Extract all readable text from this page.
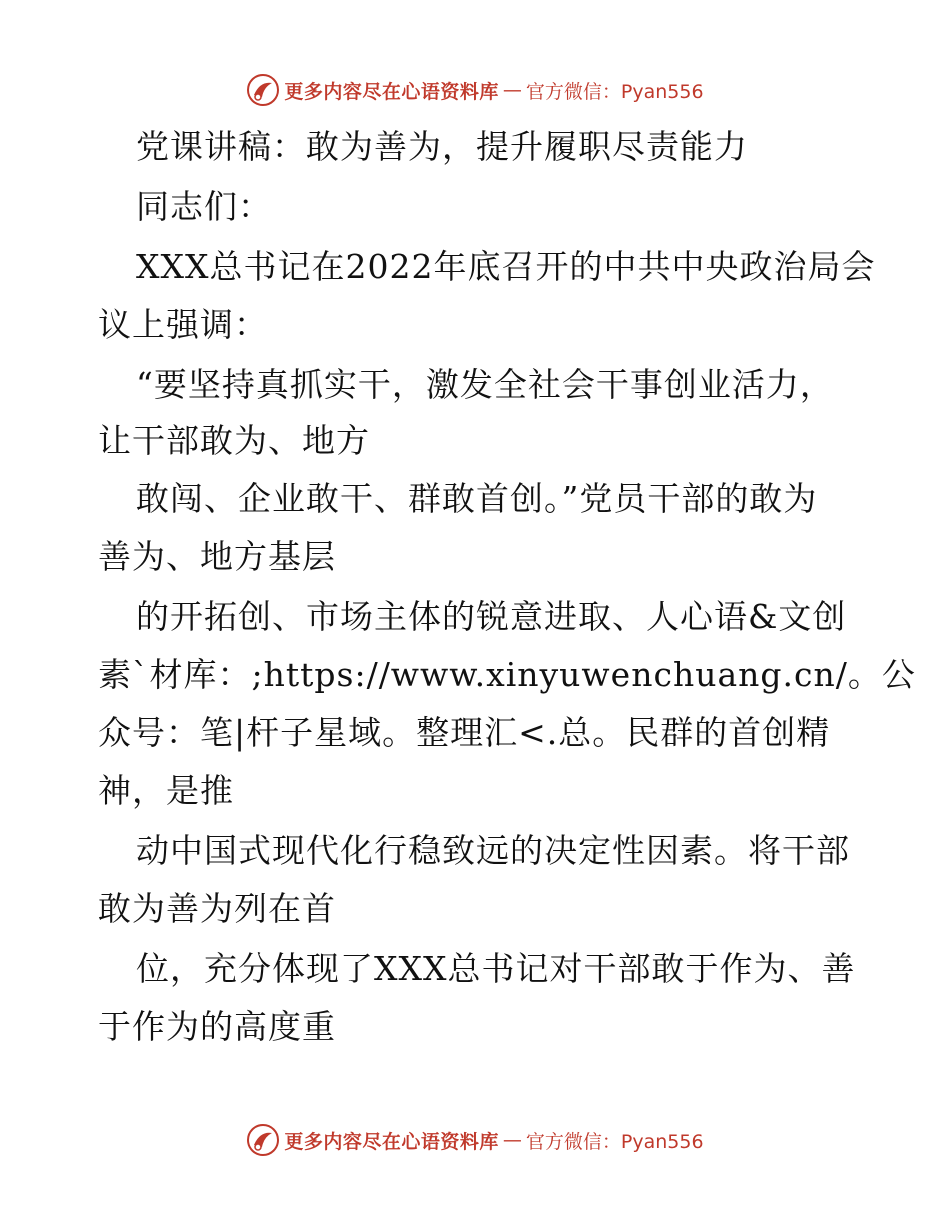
更多内容尽在心语资料库 — 官方微信：Pyan556
党课讲稿：敢为善为，提升履职尽责能力
同志们：
XXX总书记在2022年底召开的中共中央政治局会
议上强调：
“要坚持真抓实干，激发全社会干事创业活力，
让干部敢为、地方
敢闯、企业敢干、群敢首创。”党员干部的敢为
善为、地方基层
的开拓创、市场主体的锐意进取、人心语&文创
素`材库：;https://www.xinyuwenchuang.cn/。公
众号：笔|杆子星域。整理汇<.总。民群的首创精
神，是推
动中国式现代化行稳致远的决定性因素。将干部
敢为善为列在首
位，充分体现了XXX总书记对干部敢于作为、善
于作为的高度重
更多内容尽在心语资料库 — 官方微信：Pyan556
